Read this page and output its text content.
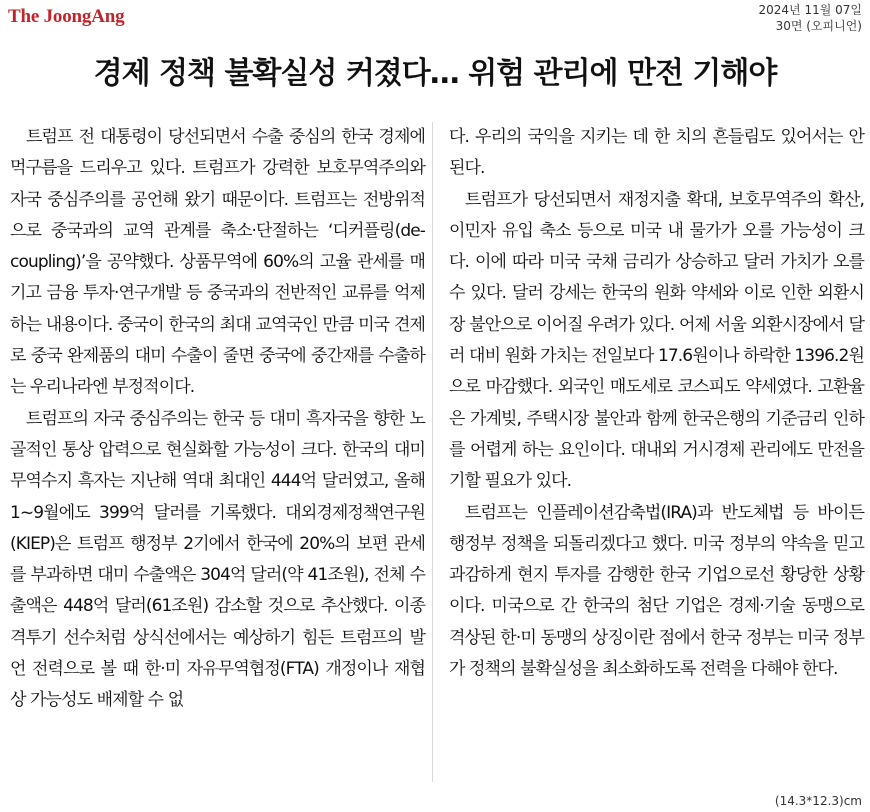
The JoongAng	2024년 11월 07일
30면 (오피니언)
경제 정책 불확실성 커졌다… 위험 관리에 만전 기해야

트럼프 전 대통령이 당선되면서 수출 중심의 한국 경제에 먹구름을 드리우고 있다. 트럼프가 강력한 보호무역주의와 자국 중심주의를 공언해 왔기 때문이다. 트럼프는 전방위적으로 중국과의 교역 관계를 축소·단절하는 ‘디커플링(de-coupling)’을 공약했다. 상품무역에 60%의 고율 관세를 매기고 금융 투자·연구개발 등 중국과의 전반적인 교류를 억제하는 내용이다. 중국이 한국의 최대 교역국인 만큼 미국 견제로 중국 완제품의 대미 수출이 줄면 중국에 중간재를 수출하는 우리나라엔 부정적이다.

트럼프의 자국 중심주의는 한국 등 대미 흑자국을 향한 노골적인 통상 압력으로 현실화할 가능성이 크다. 한국의 대미 무역수지 흑자는 지난해 역대 최대인 444억 달러였고, 올해 1~9월에도 399억 달러를 기록했다. 대외경제정책연구원(KIEP)은 트럼프 행정부 2기에서 한국에 20%의 보편 관세를 부과하면 대미 수출액은 304억 달러(약 41조원), 전체 수출액은 448억 달러(61조원) 감소할 것으로 추산했다. 이종격투기 선수처럼 상식선에서는 예상하기 힘든 트럼프의 발언 전력으로 볼 때 한·미 자유무역협정(FTA) 개정이나 재협상 가능성도 배제할 수 없

다. 우리의 국익을 지키는 데 한 치의 흔들림도 있어서는 안 된다.

트럼프가 당선되면서 재정지출 확대, 보호무역주의 확산, 이민자 유입 축소 등으로 미국 내 물가가 오를 가능성이 크다. 이에 따라 미국 국채 금리가 상승하고 달러 가치가 오를 수 있다. 달러 강세는 한국의 원화 약세와 이로 인한 외환시장 불안으로 이어질 우려가 있다. 어제 서울 외환시장에서 달러 대비 원화 가치는 전일보다 17.6원이나 하락한 1396.2원으로 마감했다. 외국인 매도세로 코스피도 약세였다. 고환율은 가계빚, 주택시장 불안과 함께 한국은행의 기준금리 인하를 어렵게 하는 요인이다. 대내외 거시경제 관리에도 만전을 기할 필요가 있다.

트럼프는 인플레이션감축법(IRA)과 반도체법 등 바이든 행정부 정책을 되돌리겠다고 했다. 미국 정부의 약속을 믿고 과감하게 현지 투자를 감행한 한국 기업으로선 황당한 상황이다. 미국으로 간 한국의 첨단 기업은 경제·기술 동맹으로 격상된 한·미 동맹의 상징이란 점에서 한국 정부는 미국 정부가 정책의 불확실성을 최소화하도록 전력을 다해야 한다.

(14.3*12.3)cm
